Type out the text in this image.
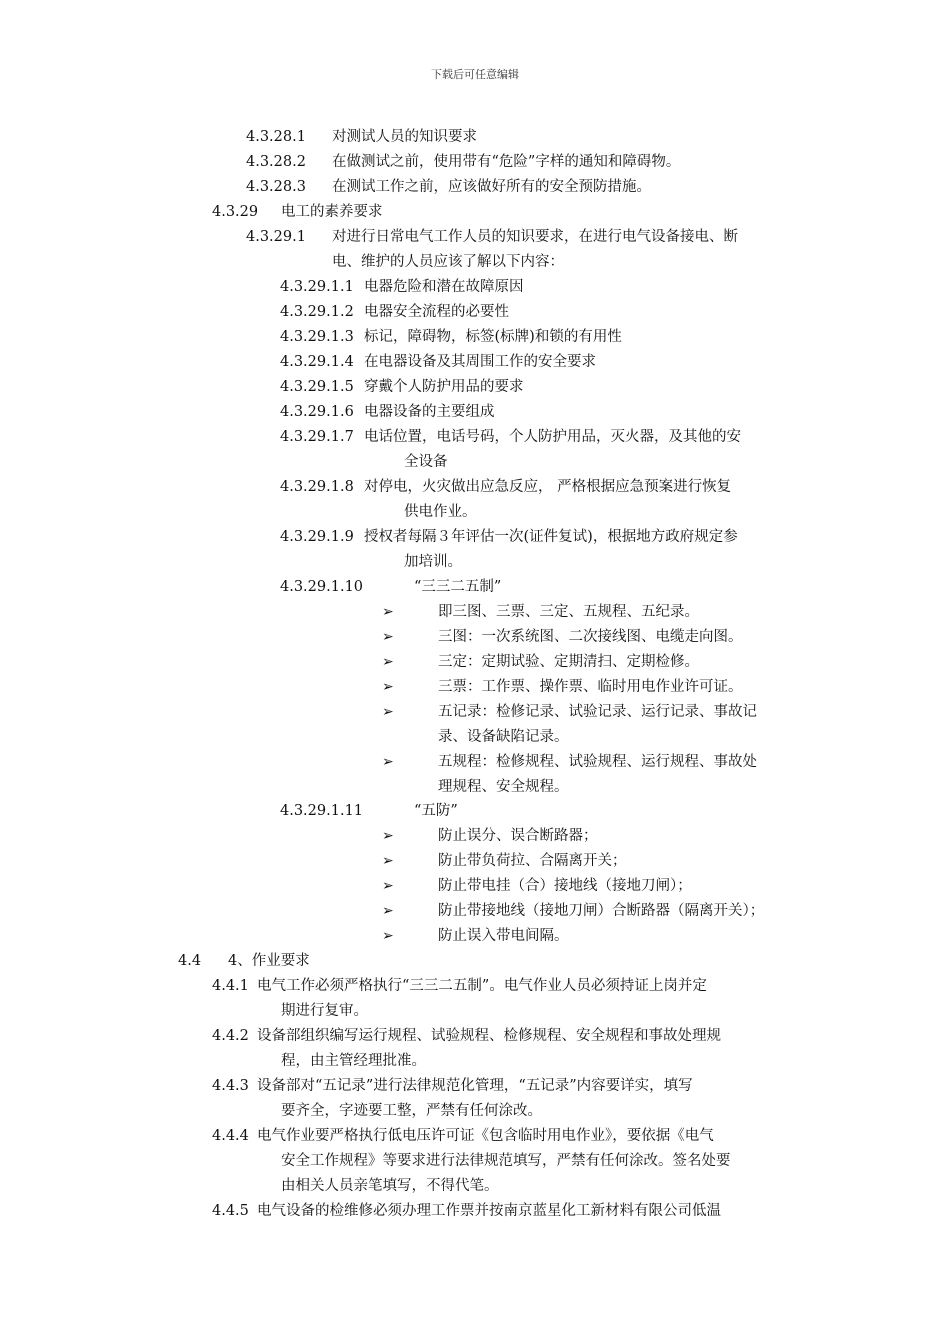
下载后可任意编辑
4.3.28.1 对测试人员的知识要求
4.3.28.2 在做测试之前，使用带有“危险”字样的通知和障碍物。
4.3.28.3 在测试工作之前，应该做好所有的安全预防措施。
4.3.29 电工的素养要求
4.3.29.1 对进行日常电气工作人员的知识要求，在进行电气设备接电、断
电、维护的人员应该了解以下内容：
4.3.29.1.1 电器危险和潜在故障原因
4.3.29.1.2 电器安全流程的必要性
4.3.29.1.3 标记，障碍物，标签(标牌)和锁的有用性
4.3.29.1.4 在电器设备及其周围工作的安全要求
4.3.29.1.5 穿戴个人防护用品的要求
4.3.29.1.6 电器设备的主要组成
4.3.29.1.7 电话位置，电话号码，个人防护用品，灭火器，及其他的安
全设备
4.3.29.1.8 对停电，火灾做出应急反应， 严格根据应急预案进行恢复
供电作业。
4.3.29.1.9 授权者每隔３年评估一次(证件复试)，根据地方政府规定参
加培训。
4.3.29.1.10	“三三二五制”
➢	即三图、三票、三定、五规程、五纪录。
➢	三图：一次系统图、二次接线图、电缆走向图。
➢	三定：定期试验、定期清扫、定期检修。
➢	三票：工作票、操作票、临时用电作业许可证。
➢	五记录：检修记录、试验记录、运行记录、事故记
录、设备缺陷记录。
➢	五规程：检修规程、试验规程、运行规程、事故处
理规程、安全规程。
4.3.29.1.11	“五防”
➢	防止误分、误合断路器；
➢	防止带负荷拉、合隔离开关；
➢	防止带电挂（合）接地线（接地刀闸）；
➢	防止带接地线（接地刀闸）合断路器（隔离开关）；
➢	防止误入带电间隔。
4.4 4、作业要求
4.4.1 电气工作必须严格执行“三三二五制”。电气作业人员必须持证上岗并定
期进行复审。
4.4.2 设备部组织编写运行规程、试验规程、检修规程、安全规程和事故处理规
程，由主管经理批准。
4.4.3 设备部对“五记录”进行法律规范化管理，“五记录”内容要详实，填写
要齐全，字迹要工整，严禁有任何涂改。
4.4.4 电气作业要严格执行低电压许可证《包含临时用电作业》，要依据《电气
安全工作规程》等要求进行法律规范填写，严禁有任何涂改。签名处要
由相关人员亲笔填写，不得代笔。
4.4.5 电气设备的检维修必须办理工作票并按南京蓝星化工新材料有限公司低温
